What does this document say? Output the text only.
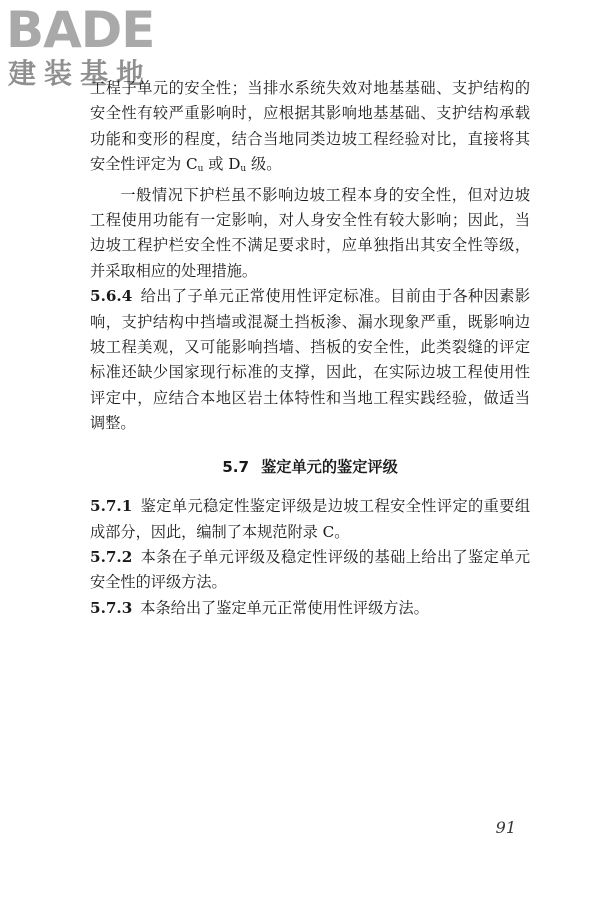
BADE
建装基地

工程子单元的安全性；当排水系统失效对地基基础、支护结构的安全性有较严重影响时，应根据其影响地基基础、支护结构承载功能和变形的程度，结合当地同类边坡工程经验对比，直接将其安全性评定为 $C_u$ 或 $D_u$ 级。

一般情况下护栏虽不影响边坡工程本身的安全性，但对边坡工程使用功能有一定影响，对人身安全性有较大影响；因此，当边坡工程护栏安全性不满足要求时，应单独指出其安全性等级，并采取相应的处理措施。

5.6.4 给出了子单元正常使用性评定标准。目前由于各种因素影响，支护结构中挡墙或混凝土挡板渗、漏水现象严重，既影响边坡工程美观，又可能影响挡墙、挡板的安全性，此类裂缝的评定标准还缺少国家现行标准的支撑，因此，在实际边坡工程使用性评定中，应结合本地区岩土体特性和当地工程实践经验，做适当调整。

5.7 鉴定单元的鉴定评级

5.7.1 鉴定单元稳定性鉴定评级是边坡工程安全性评定的重要组成部分，因此，编制了本规范附录 C。

5.7.2 本条在子单元评级及稳定性评级的基础上给出了鉴定单元安全性的评级方法。

5.7.3 本条给出了鉴定单元正常使用性评级方法。

91
